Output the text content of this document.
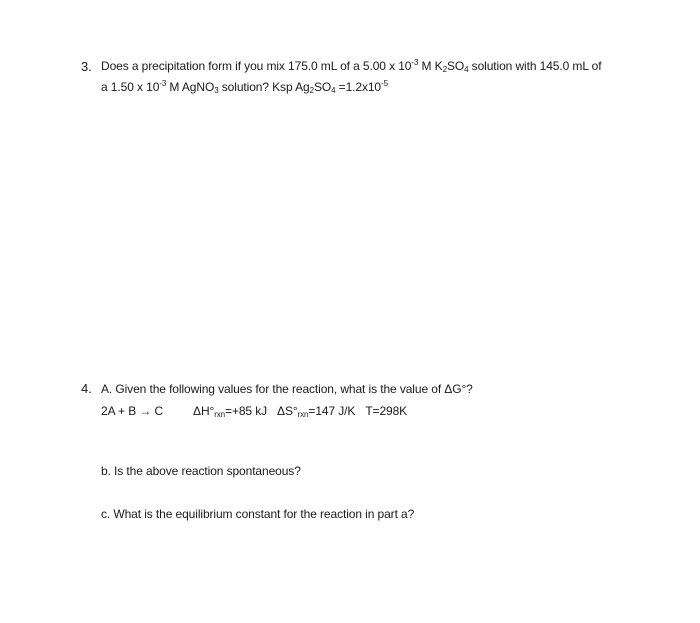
3. Does a precipitation form if you mix 175.0 mL of a 5.00 x $10^{-3}$ M $K_2SO_4$ solution with 145.0 mL of
a 1.50 x $10^{-3}$ M AgNO$_3$ solution? Ksp $Ag_2SO_4 =1.2x10^{-5}$
4. A. Given the following values for the reaction, what is the value of ΔG°?
2A + B → C	$\Delta H^\circ_{rxn}=+85$ kJ $\Delta S^\circ_{rxn}=147$ J/K T=298K
b. Is the above reaction spontaneous?
c. What is the equilibrium constant for the reaction in part a?
